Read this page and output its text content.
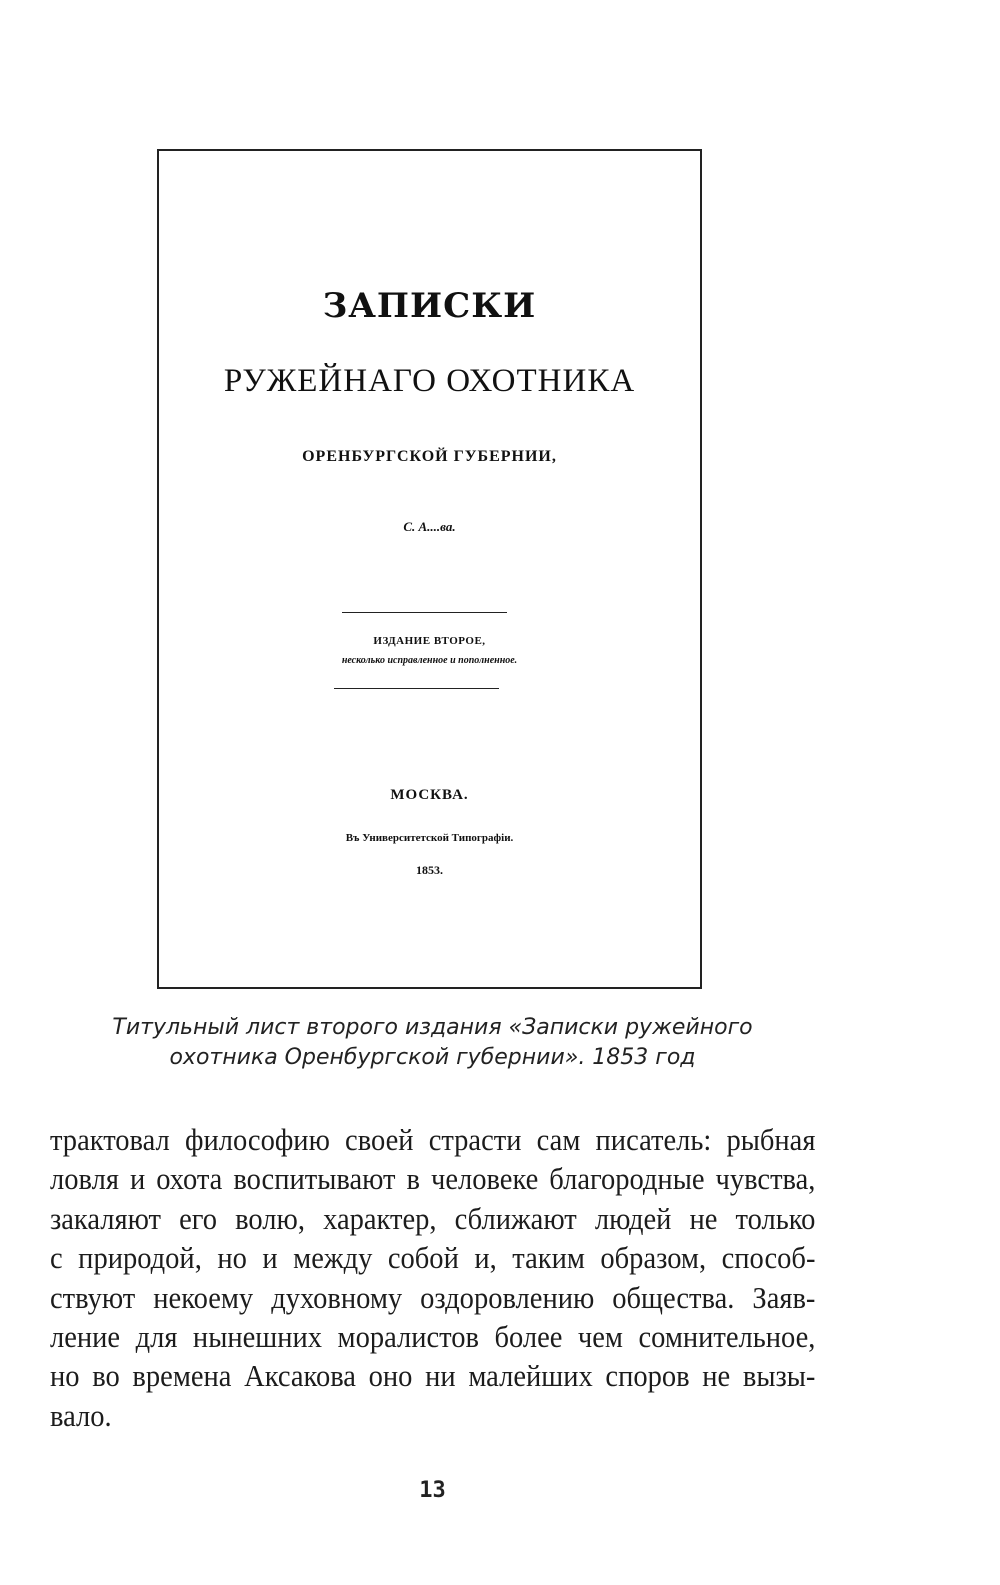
ЗАПИСКИ

РУЖЕЙНАГО ОХОТНИКА

ОРЕНБУРГСКОЙ ГУБЕРНИИ,

С. А....ва.

ИЗДАНИЕ ВТОРОЕ,

несколько исправленное и пополненное.

МОСКВА.

Въ Университетской Типографіи.

1853.

Титульный лист второго издания «Записки ружейного
охотника Оренбургской губернии». 1853 год
трактовал философию своей страсти сам писатель: рыбная
ловля и охота воспитывают в человеке благородные чувства,
закаляют его волю, характер, сближают людей не только
с природой, но и между собой и, таким образом, способ-
ствуют некоему духовному оздоровлению общества. Заяв-
ление для нынешних моралистов более чем сомнительное,
но во времена Аксакова оно ни малейших споров не вызы-
вало.
13
